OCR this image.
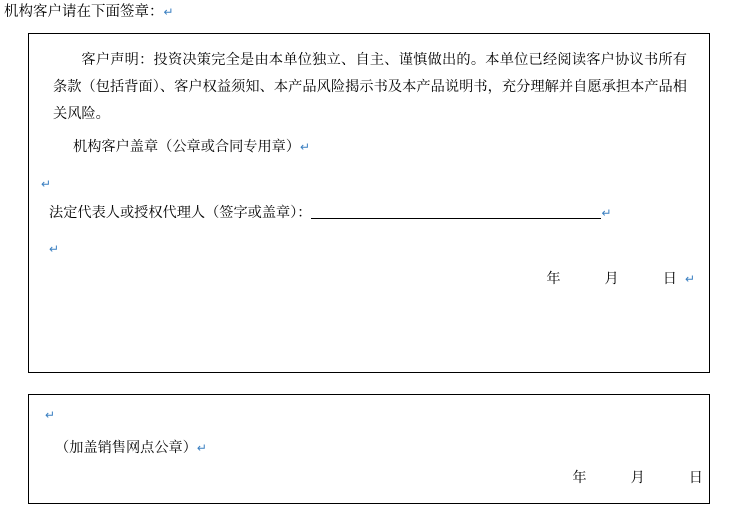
机构客户请在下面签章：↵
客户声明：投资决策完全是由本单位独立、自主、谨慎做出的。本单位已经阅读客户协议书所有条款（包括背面）、客户权益须知、本产品风险揭示书及本产品说明书，充分理解并自愿承担本产品相关风险。
机构客户盖章（公章或合同专用章）↵
↵
法定代表人或授权代理人（签字或盖章）：	↵
↵
年	月	日 ↵
↵
（加盖销售网点公章）↵
年	月	日
